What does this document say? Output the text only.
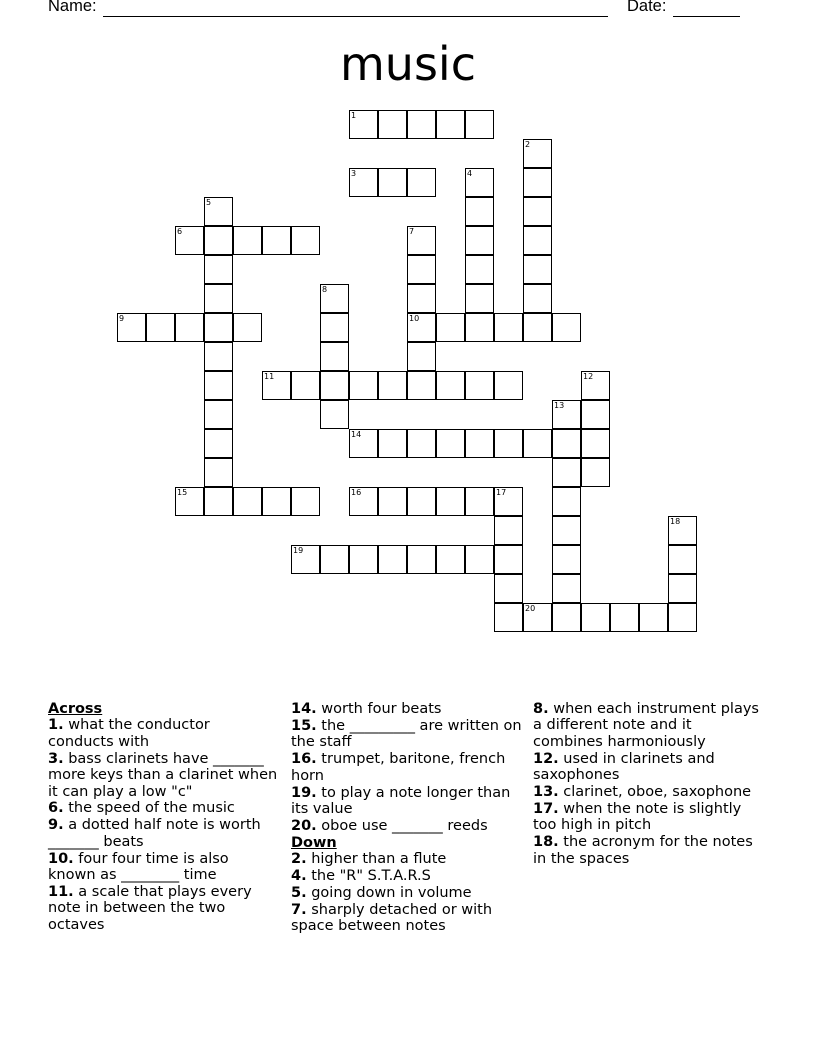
Name:	Date:
music
1
3
6
9	10
11
14
15	16
19
20
2
4
5
7
8
12
13
17
18
Across
1. what the conductor conducts with
3. bass clarinets have _______ more keys than a clarinet when it can play a low "c"
6. the speed of the music
9. a dotted half note is worth _______ beats
10. four four time is also known as ________ time
11. a scale that plays every note in between the two octaves
14. worth four beats
15. the _________ are written on the staff
16. trumpet, baritone, french horn
19. to play a note longer than its value
20. oboe use _______ reeds
Down
2. higher than a flute
4. the "R" S.T.A.R.S
5. going down in volume
7. sharply detached or with space between notes
8. when each instrument plays a different note and it combines harmoniously
12. used in clarinets and saxophones
13. clarinet, oboe, saxophone
17. when the note is slightly too high in pitch
18. the acronym for the notes in the spaces
